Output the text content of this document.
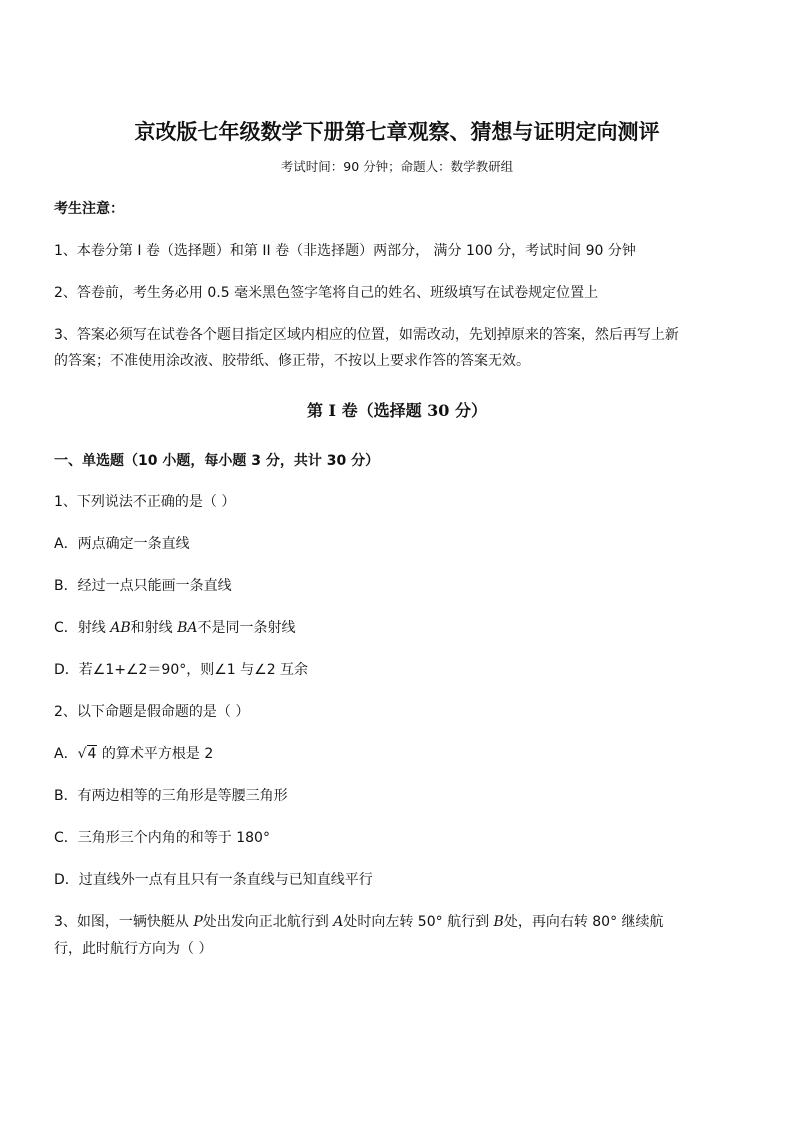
京改版七年级数学下册第七章观察、猜想与证明定向测评
考试时间：90 分钟；命题人：数学教研组
考生注意：
1、本卷分第 I 卷（选择题）和第 II 卷（非选择题）两部分， 满分 100 分，考试时间 90 分钟
2、答卷前，考生务必用 0.5 毫米黑色签字笔将自己的姓名、班级填写在试卷规定位置上
3、答案必须写在试卷各个题目指定区域内相应的位置，如需改动，先划掉原来的答案，然后再写上新
的答案；不准使用涂改液、胶带纸、修正带，不按以上要求作答的答案无效。
第 I 卷（选择题 30 分）
一、单选题（10 小题，每小题 3 分，共计 30 分）
1、下列说法不正确的是（ ）
A．两点确定一条直线
B．经过一点只能画一条直线
C．射线 AB和射线 BA不是同一条射线
D．若∠1+∠2＝90°，则∠1 与∠2 互余
2、以下命题是假命题的是（ ）
A．√4 的算术平方根是 2
B．有两边相等的三角形是等腰三角形
C．三角形三个内角的和等于 180°
D．过直线外一点有且只有一条直线与已知直线平行
3、如图，一辆快艇从 P处出发向正北航行到 A处时向左转 50° 航行到 B处，再向右转 80° 继续航
行，此时航行方向为（ ）
